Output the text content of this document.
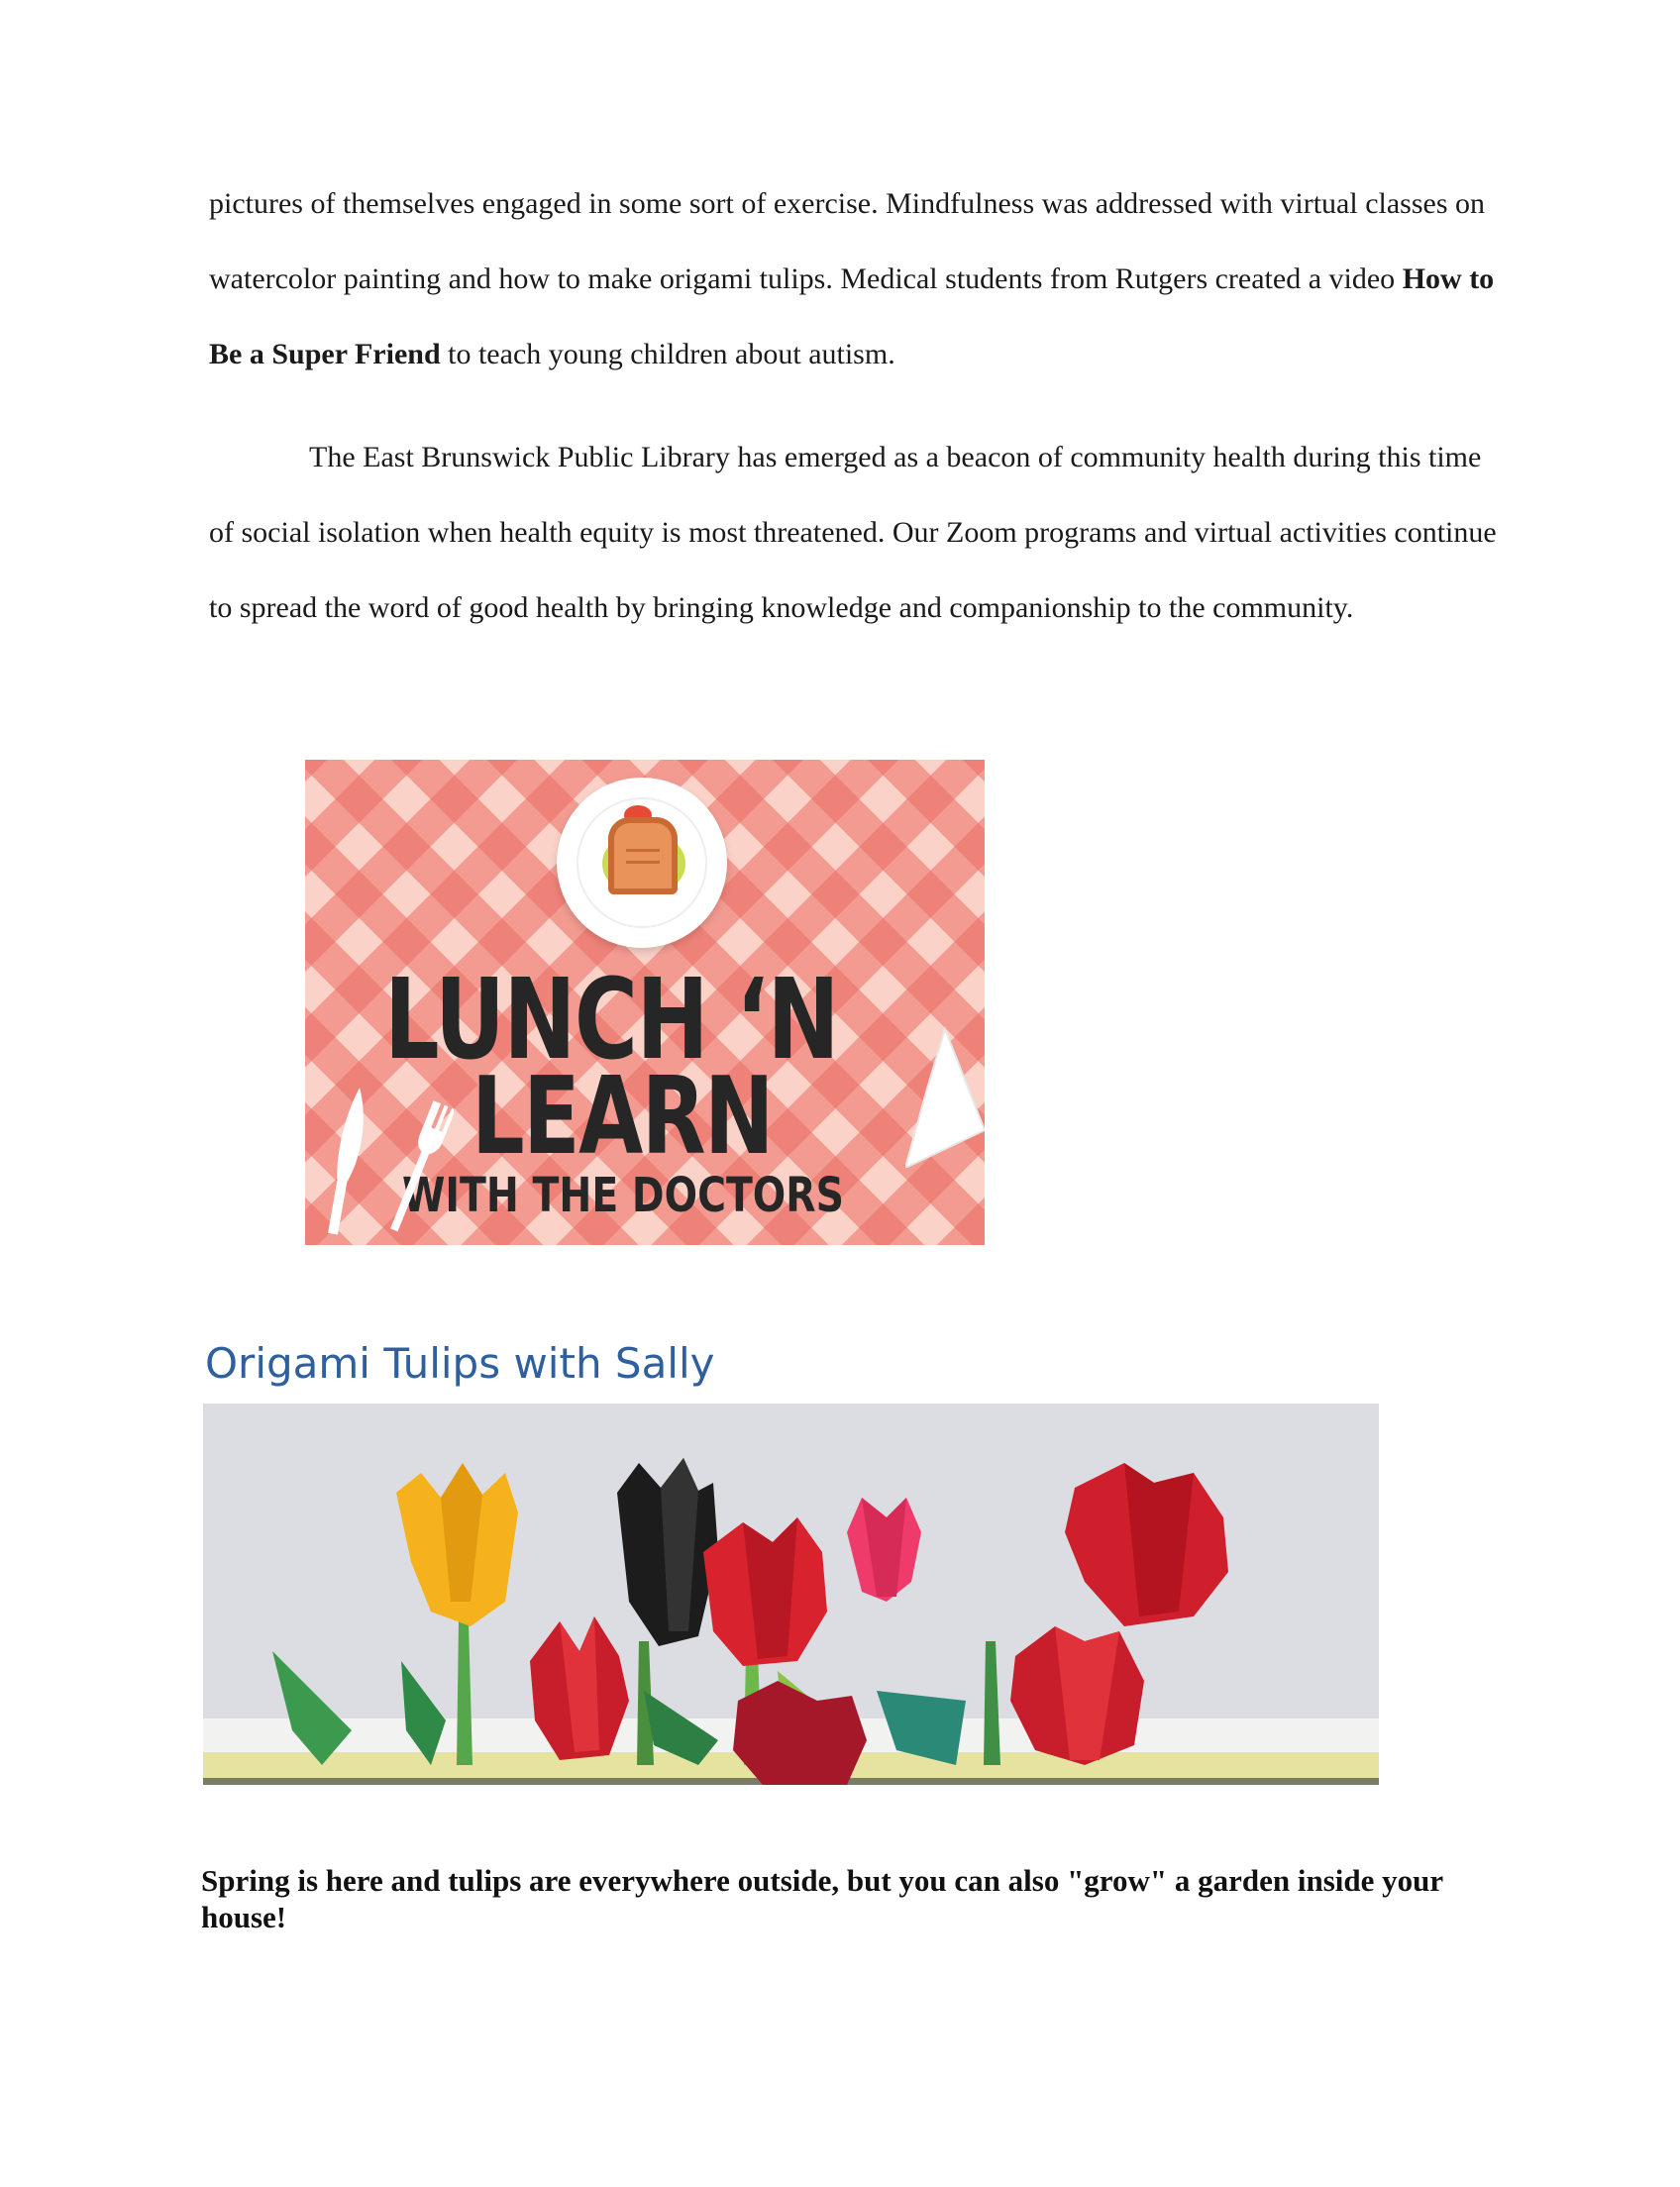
pictures of themselves engaged in some sort of exercise. Mindfulness was addressed with virtual classes on watercolor painting and how to make origami tulips. Medical students from Rutgers created a video How to Be a Super Friend to teach young children about autism.

The East Brunswick Public Library has emerged as a beacon of community health during this time of social isolation when health equity is most threatened. Our Zoom programs and virtual activities continue to spread the word of good health by bringing knowledge and companionship to the community.

LUNCH ‘N
LEARN
WITH THE DOCTORS
Origami Tulips with Sally

Spring is here and tulips are everywhere outside, but you can also "grow" a garden inside your house!
